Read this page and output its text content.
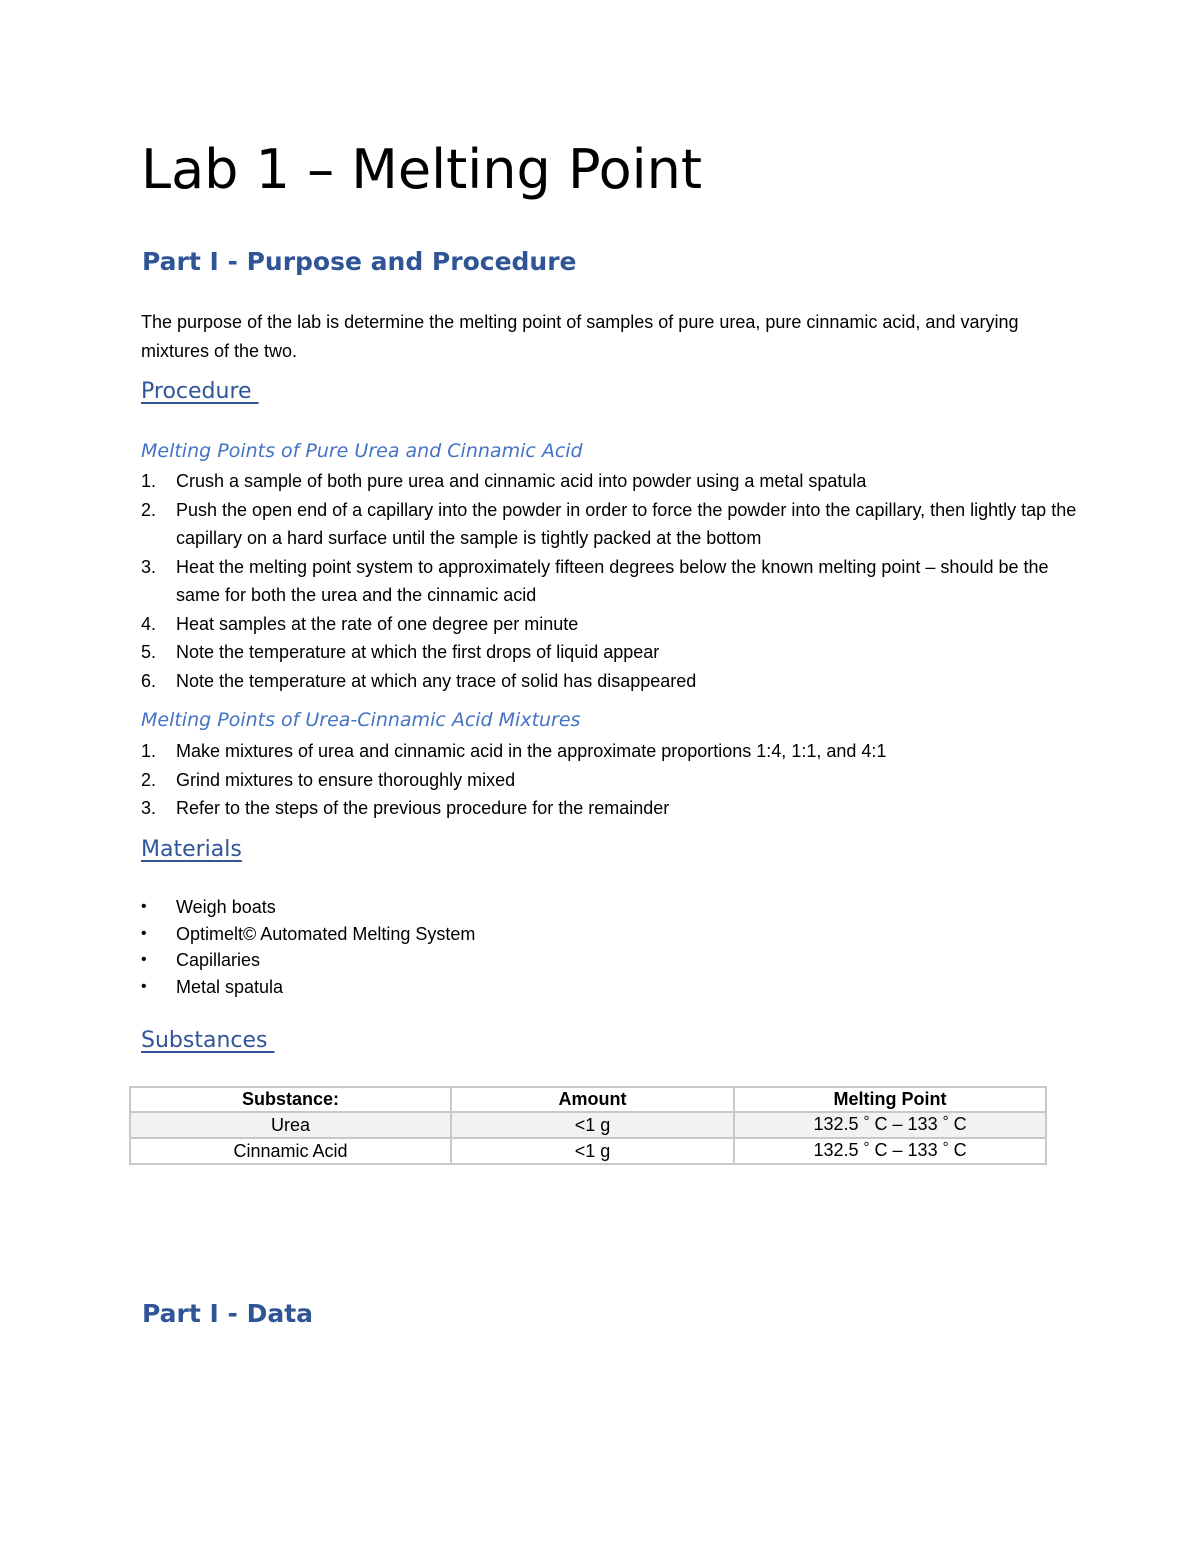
Lab 1 – Melting Point
Part I - Purpose and Procedure

The purpose of the lab is determine the melting point of samples of pure urea, pure cinnamic acid, and varying mixtures of the two.

Procedure
Melting Points of Pure Urea and Cinnamic Acid
1. Crush a sample of both pure urea and cinnamic acid into powder using a metal spatula
2. Push the open end of a capillary into the powder in order to force the powder into the capillary, then lightly tap the capillary on a hard surface until the sample is tightly packed at the bottom
3. Heat the melting point system to approximately fifteen degrees below the known melting point – should be the same for both the urea and the cinnamic acid
4. Heat samples at the rate of one degree per minute
5. Note the temperature at which the first drops of liquid appear
6. Note the temperature at which any trace of solid has disappeared
Melting Points of Urea-Cinnamic Acid Mixtures
1. Make mixtures of urea and cinnamic acid in the approximate proportions 1:4, 1:1, and 4:1
2. Grind mixtures to ensure thoroughly mixed
3. Refer to the steps of the previous procedure for the remainder
Materials
• Weigh boats
• Optimelt© Automated Melting System
• Capillaries
• Metal spatula
Substances
Substance:	Amount	Melting Point
Urea	<1 g	132.5 ° C – 133 ° C
Cinnamic Acid	<1 g	132.5 ° C – 133 ° C
Part I - Data
